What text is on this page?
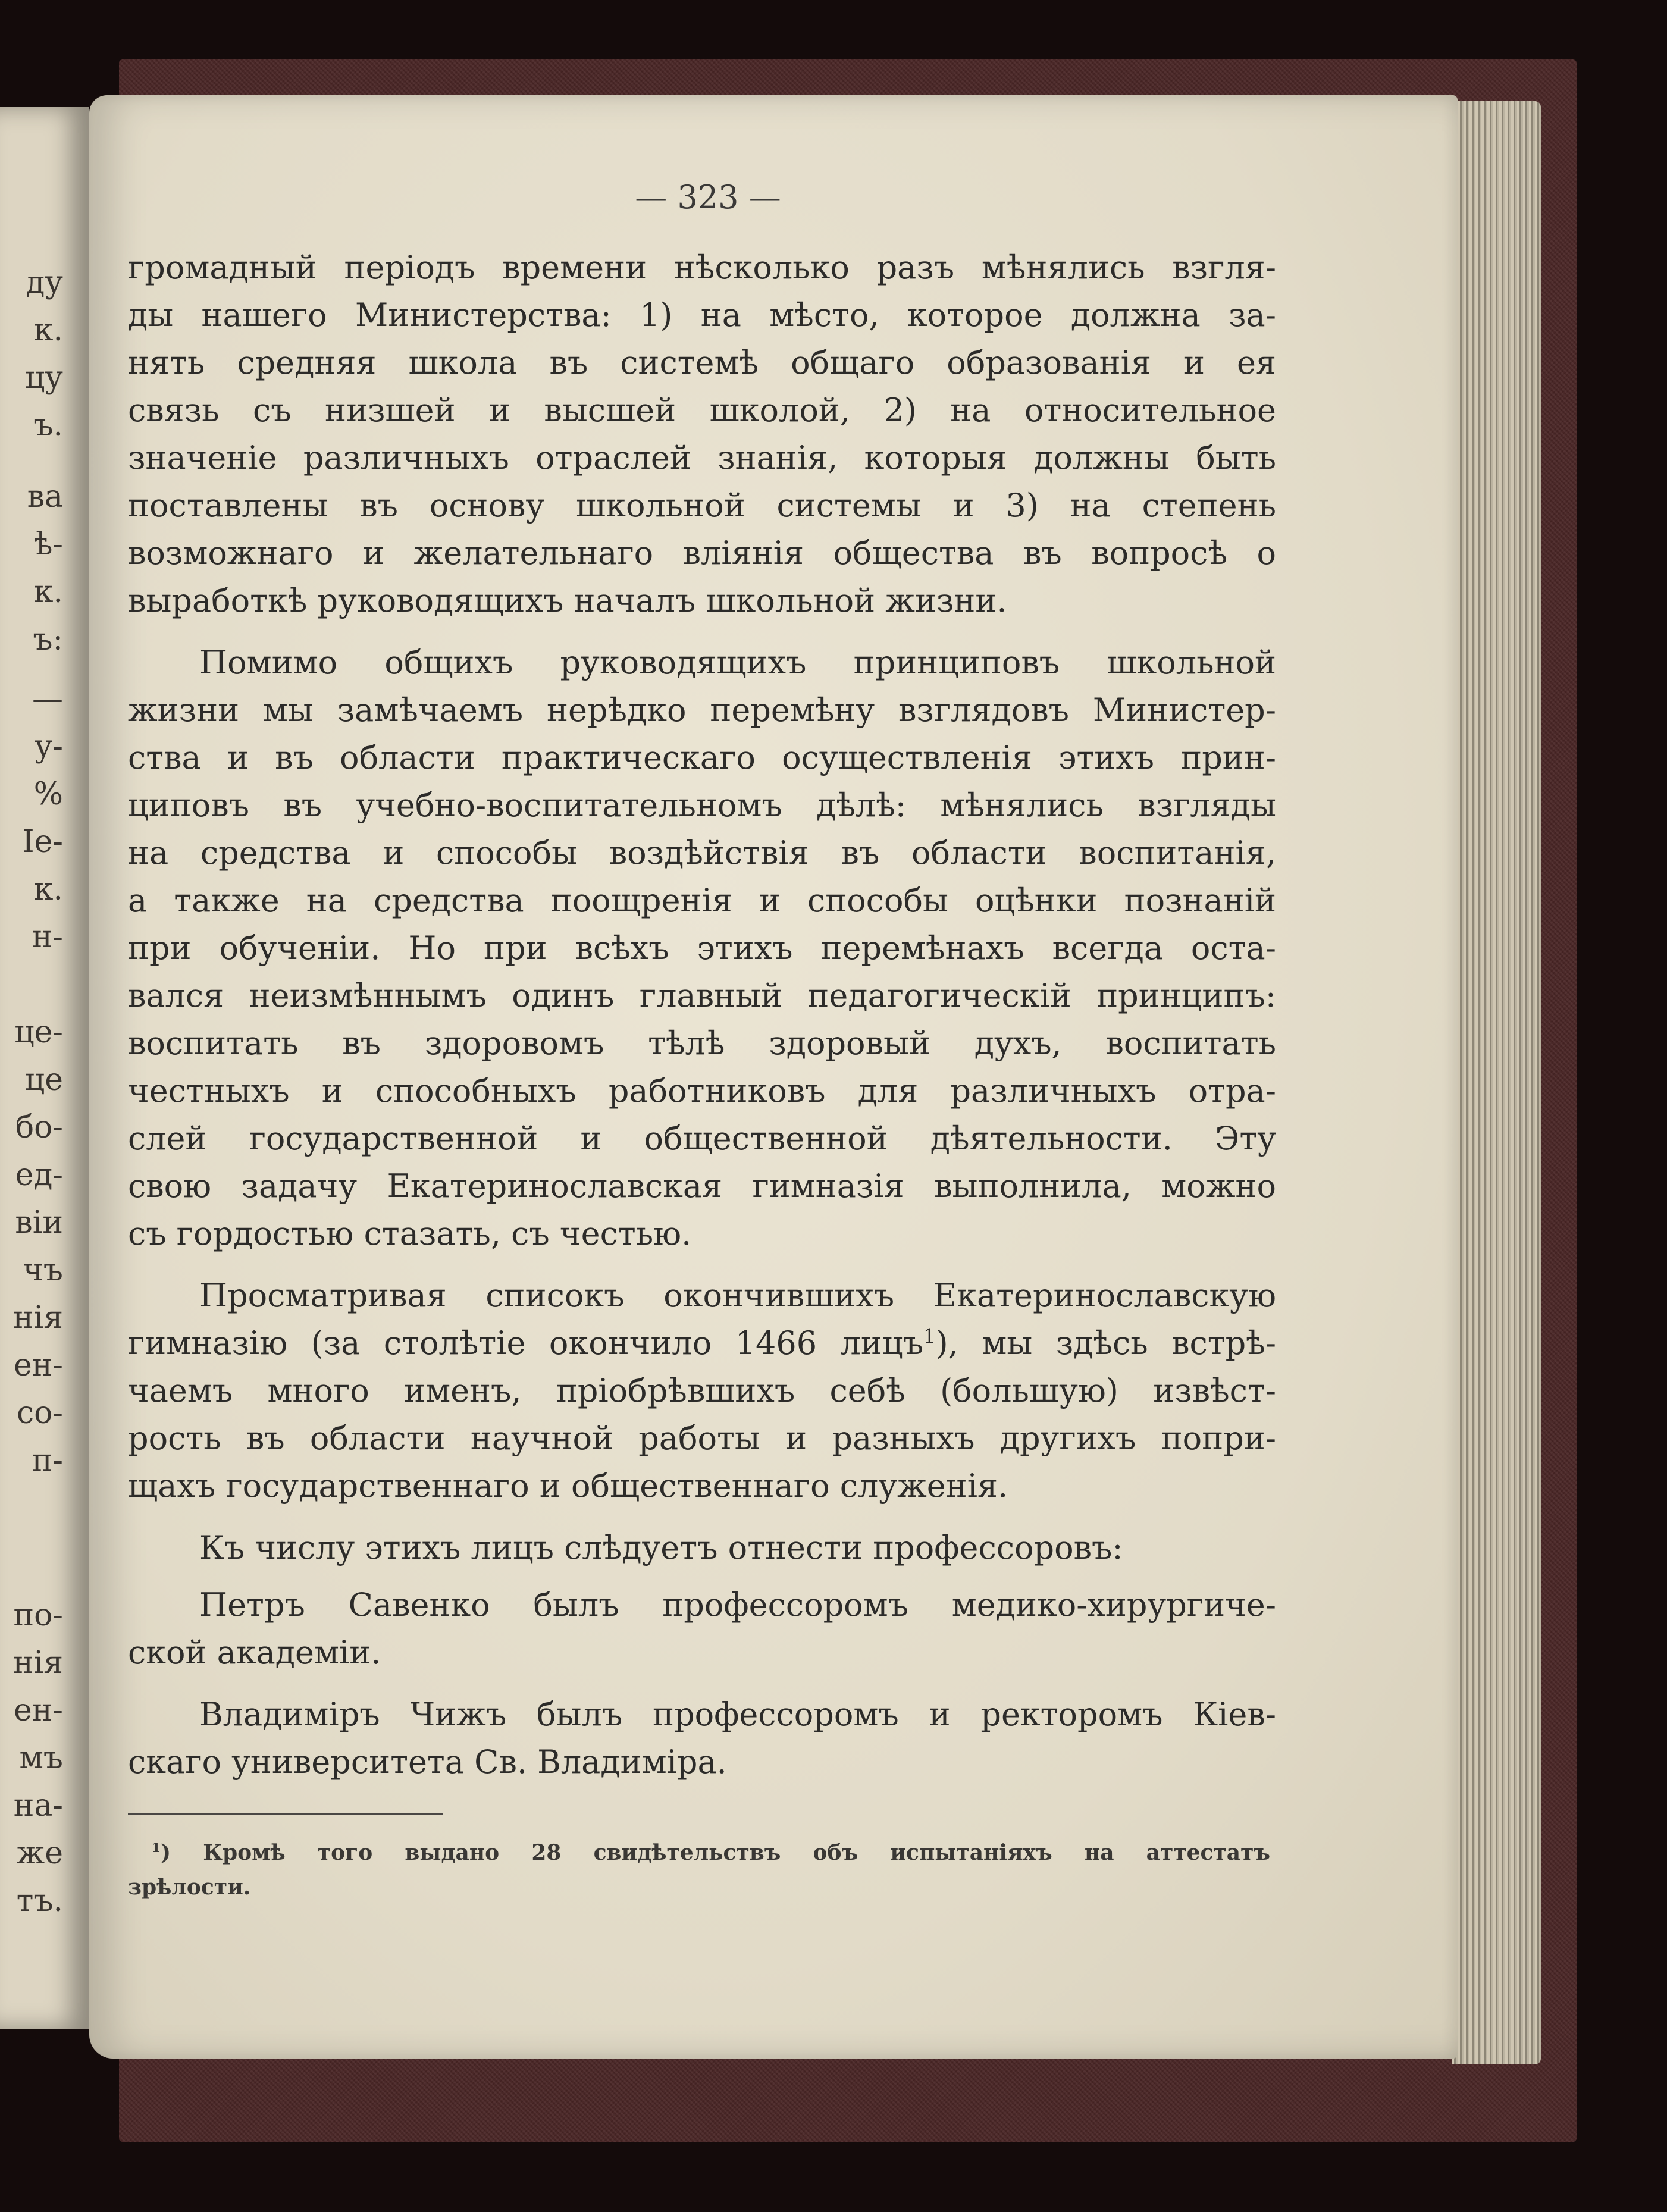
ду
к.
цу
ъ.
ва
ѣ-
к.
ъ:
—
у-
%
Іе-
к.
н-
це-
це
бо-
ед-
віи
чъ
нія
ен-
со-
п-
по-
нія
ен-
мъ
на-
же
тъ.
— 323 —
громадный періодъ времени нѣсколько разъ мѣнялись взгля-
ды нашего Министерства: 1) на мѣсто, которое должна за-
нять средняя школа въ системѣ общаго образованія и ея
связь съ низшей и высшей школой, 2) на относительное
значеніе различныхъ отраслей знанія, которыя должны быть
поставлены въ основу школьной системы и 3) на степень
возможнаго и желательнаго вліянія общества въ вопросѣ о
выработкѣ руководящихъ началъ школьной жизни.
Помимо общихъ руководящихъ принциповъ школьной
жизни мы замѣчаемъ нерѣдко перемѣну взглядовъ Министер-
ства и въ области практическаго осуществленія этихъ прин-
циповъ въ учебно-воспитательномъ дѣлѣ: мѣнялись взгляды
на средства и способы воздѣйствія въ области воспитанія,
а также на средства поощренія и способы оцѣнки познаній
при обученіи. Но при всѣхъ этихъ перемѣнахъ всегда оста-
вался неизмѣннымъ одинъ главный педагогическій принципъ:
воспитать въ здоровомъ тѣлѣ здоровый духъ, воспитать
честныхъ и способныхъ работниковъ для различныхъ отра-
слей государственной и общественной дѣятельности. Эту
свою задачу Екатеринославская гимназія выполнила, можно
съ гордостью стазать, съ честью.
Просматривая списокъ окончившихъ Екатеринославскую
гимназію (за столѣтіе окончило 1466 лицъ$^1$), мы здѣсь встрѣ-
чаемъ много именъ, пріобрѣвшихъ себѣ (большую) извѣст-
рость въ области научной работы и разныхъ другихъ попри-
щахъ государственнаго и общественнаго служенія.
Къ числу этихъ лицъ слѣдуетъ отнести профессоровъ:
Петръ Савенко былъ профессоромъ медико-хирургиче-
ской академіи.
Владиміръ Чижъ былъ профессоромъ и ректоромъ Кіев-
скаго университета Св. Владиміра.
$^1$) Кромѣ того выдано 28 свидѣтельствъ объ испытаніяхъ на аттестатъ
зрѣлости.
